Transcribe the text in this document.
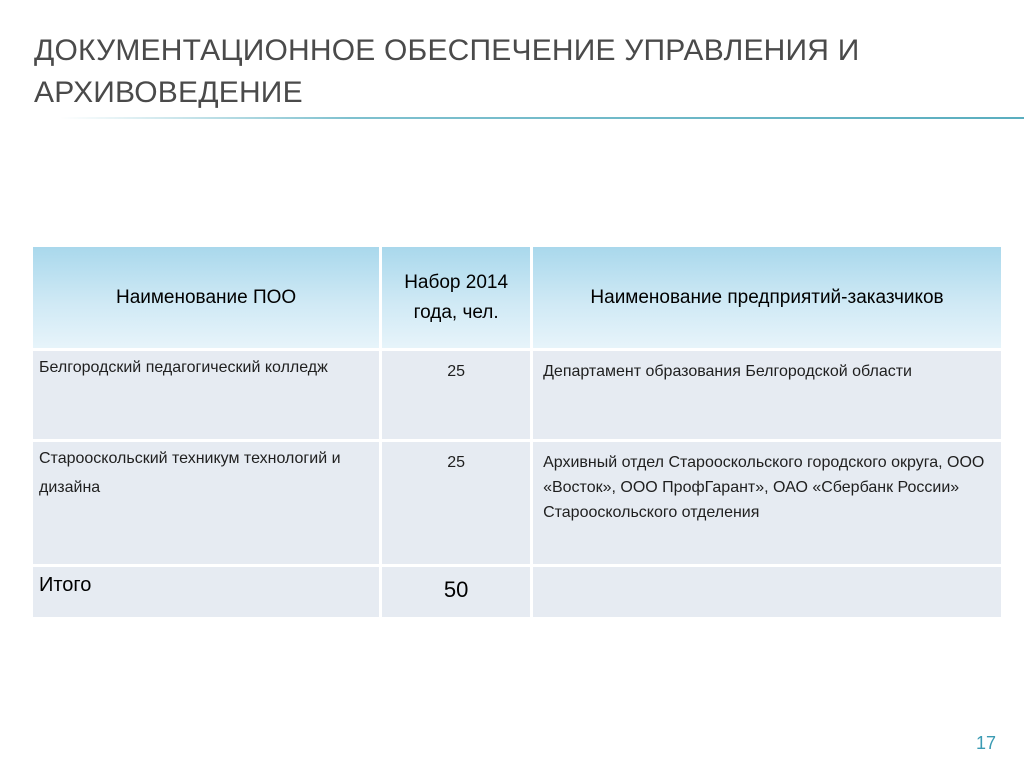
ДОКУМЕНТАЦИОННОЕ ОБЕСПЕЧЕНИЕ УПРАВЛЕНИЯ И АРХИВОВЕДЕНИЕ
Наименование ПОО	Набор 2014 года, чел.	Наименование предприятий-заказчиков
Белгородский педагогический колледж	25	Департамент образования Белгородской области
Старооскольский техникум технологий и дизайна	25	Архивный отдел Старооскольского городского округа, ООО «Восток», ООО ПрофГарант», ОАО «Сбербанк России» Старооскольского отделения
Итого	50	
17
